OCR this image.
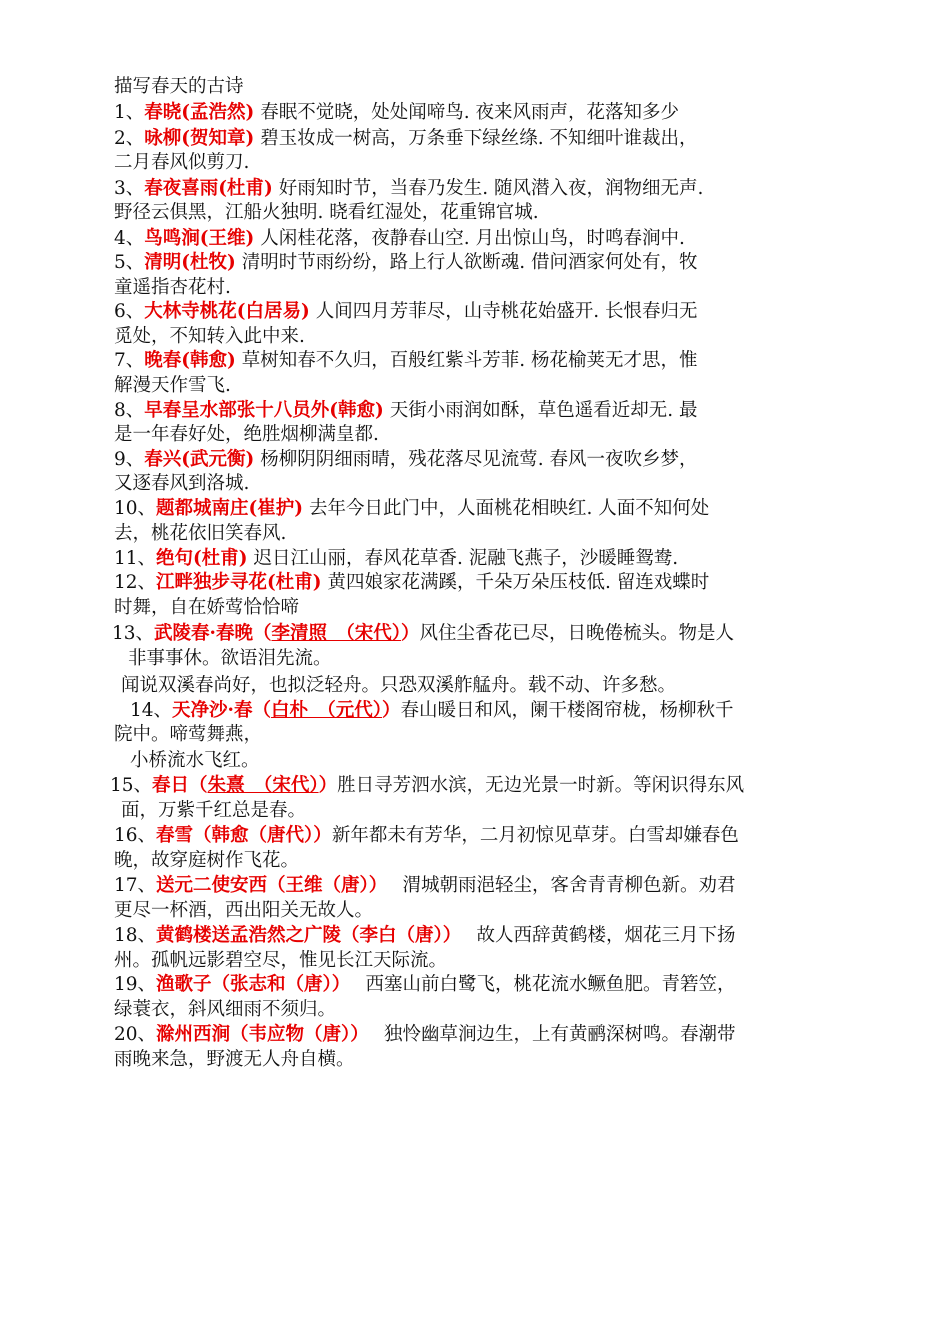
描写春天的古诗
1、春晓(孟浩然) 春眠不觉晓，处处闻啼鸟. 夜来风雨声，花落知多少
2、咏柳(贺知章) 碧玉妆成一树高，万条垂下绿丝绦. 不知细叶谁裁出，
二月春风似剪刀.
3、春夜喜雨(杜甫) 好雨知时节，当春乃发生. 随风潜入夜，润物细无声.
野径云俱黑，江船火独明. 晓看红湿处，花重锦官城.
4、鸟鸣涧(王维) 人闲桂花落，夜静春山空. 月出惊山鸟，时鸣春涧中.
5、清明(杜牧) 清明时节雨纷纷，路上行人欲断魂. 借问酒家何处有，牧
童遥指杏花村.
6、大林寺桃花(白居易) 人间四月芳菲尽，山寺桃花始盛开. 长恨春归无
觅处，不知转入此中来.
7、晚春(韩愈) 草树知春不久归，百般红紫斗芳菲. 杨花榆荚无才思，惟
解漫天作雪飞.
8、早春呈水部张十八员外(韩愈) 天街小雨润如酥，草色遥看近却无. 最
是一年春好处，绝胜烟柳满皇都.
9、春兴(武元衡) 杨柳阴阴细雨晴，残花落尽见流莺. 春风一夜吹乡梦，
又逐春风到洛城.
10、题都城南庄(崔护) 去年今日此门中，人面桃花相映红. 人面不知何处
去，桃花依旧笑春风.
11、绝句(杜甫) 迟日江山丽，春风花草香. 泥融飞燕子，沙暖睡鸳鸯.
12、江畔独步寻花(杜甫) 黄四娘家花满蹊，千朵万朵压枝低. 留连戏蝶时
时舞，自在娇莺恰恰啼
13、武陵春·春晚（李清照　（宋代））风住尘香花已尽，日晚倦梳头。物是人
非事事休。欲语泪先流。
闻说双溪春尚好，也拟泛轻舟。只恐双溪舴艋舟。载不动、许多愁。
14、天净沙·春（白朴　（元代））春山暖日和风，阑干楼阁帘栊，杨柳秋千
院中。啼莺舞燕，
小桥流水飞红。
15、春日（朱熹　（宋代））胜日寻芳泗水滨，无边光景一时新。等闲识得东风
面，万紫千红总是春。
16、春雪（韩愈（唐代））新年都未有芳华，二月初惊见草芽。白雪却嫌春色
晚，故穿庭树作飞花。
17、送元二使安西（王维（唐））　 渭城朝雨浥轻尘，客舍青青柳色新。劝君
更尽一杯酒，西出阳关无故人。
18、黄鹤楼送孟浩然之广陵（李白（唐））　 故人西辞黄鹤楼，烟花三月下扬
州。孤帆远影碧空尽，惟见长江天际流。
19、渔歌子（张志和（唐））　 西塞山前白鹭飞，桃花流水鳜鱼肥。青箬笠，
绿蓑衣，斜风细雨不须归。
20、滁州西涧（韦应物（唐））　 独怜幽草涧边生，上有黄鹂深树鸣。春潮带
雨晚来急，野渡无人舟自横。
